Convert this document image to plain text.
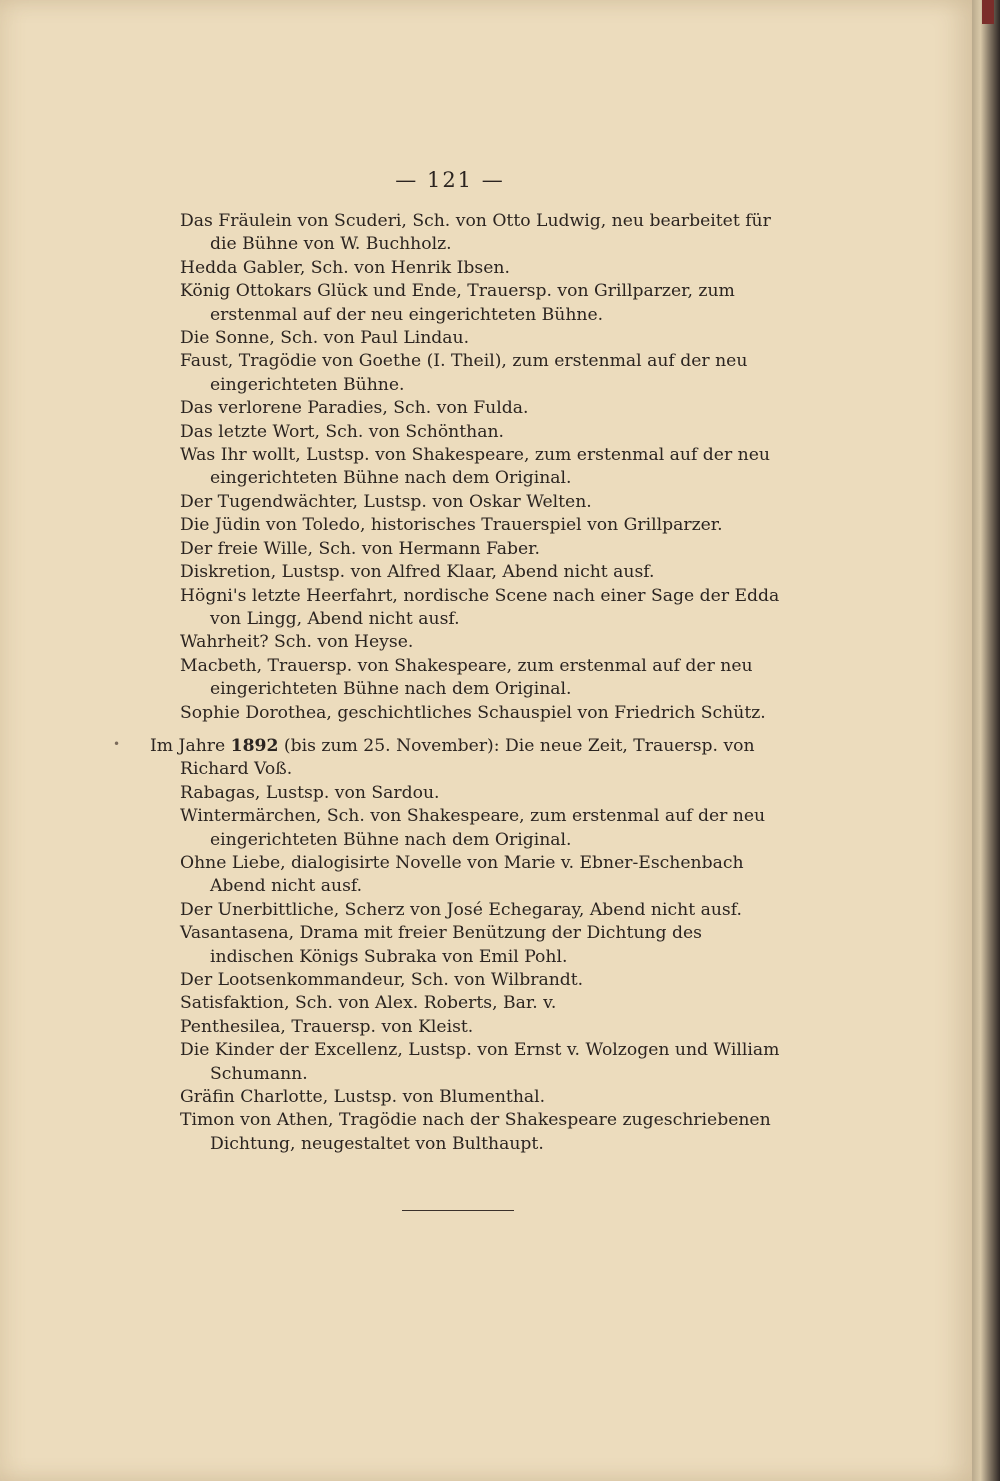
— 121 —
•
Das Fräulein von Scuderi, Sch. von Otto Ludwig, neu bearbeitet für die Bühne von W. Buchholz.
Hedda Gabler, Sch. von Henrik Ibsen.
König Ottokars Glück und Ende, Trauersp. von Grillparzer, zum erstenmal auf der neu eingerichteten Bühne.
Die Sonne, Sch. von Paul Lindau.
Faust, Tragödie von Goethe (I. Theil), zum erstenmal auf der neu eingerichteten Bühne.
Das verlorene Paradies, Sch. von Fulda.
Das letzte Wort, Sch. von Schönthan.
Was Ihr wollt, Lustsp. von Shakespeare, zum erstenmal auf der neu eingerichteten Bühne nach dem Original.
Der Tugendwächter, Lustsp. von Oskar Welten.
Die Jüdin von Toledo, historisches Trauerspiel von Grillparzer.
Der freie Wille, Sch. von Hermann Faber.
Diskretion, Lustsp. von Alfred Klaar, Abend nicht ausf.
Högni's letzte Heerfahrt, nordische Scene nach einer Sage der Edda von Lingg, Abend nicht ausf.
Wahrheit? Sch. von Heyse.
Macbeth, Trauersp. von Shakespeare, zum erstenmal auf der neu eingerichteten Bühne nach dem Original.
Sophie Dorothea, geschichtliches Schauspiel von Friedrich Schütz.
Im Jahre 1892 (bis zum 25. November): Die neue Zeit, Trauersp. von Richard Voß.
Rabagas, Lustsp. von Sardou.
Wintermärchen, Sch. von Shakespeare, zum erstenmal auf der neu eingerichteten Bühne nach dem Original.
Ohne Liebe, dialogisirte Novelle von Marie v. Ebner-Eschenbach Abend nicht ausf.
Der Unerbittliche, Scherz von José Echegaray, Abend nicht ausf.
Vasantasena, Drama mit freier Benützung der Dichtung des indischen Königs Subraka von Emil Pohl.
Der Lootsenkommandeur, Sch. von Wilbrandt.
Satisfaktion, Sch. von Alex. Roberts, Bar. v.
Penthesilea, Trauersp. von Kleist.
Die Kinder der Excellenz, Lustsp. von Ernst v. Wolzogen und William Schumann.
Gräfin Charlotte, Lustsp. von Blumenthal.
Timon von Athen, Tragödie nach der Shakespeare zugeschriebenen Dichtung, neugestaltet von Bulthaupt.
